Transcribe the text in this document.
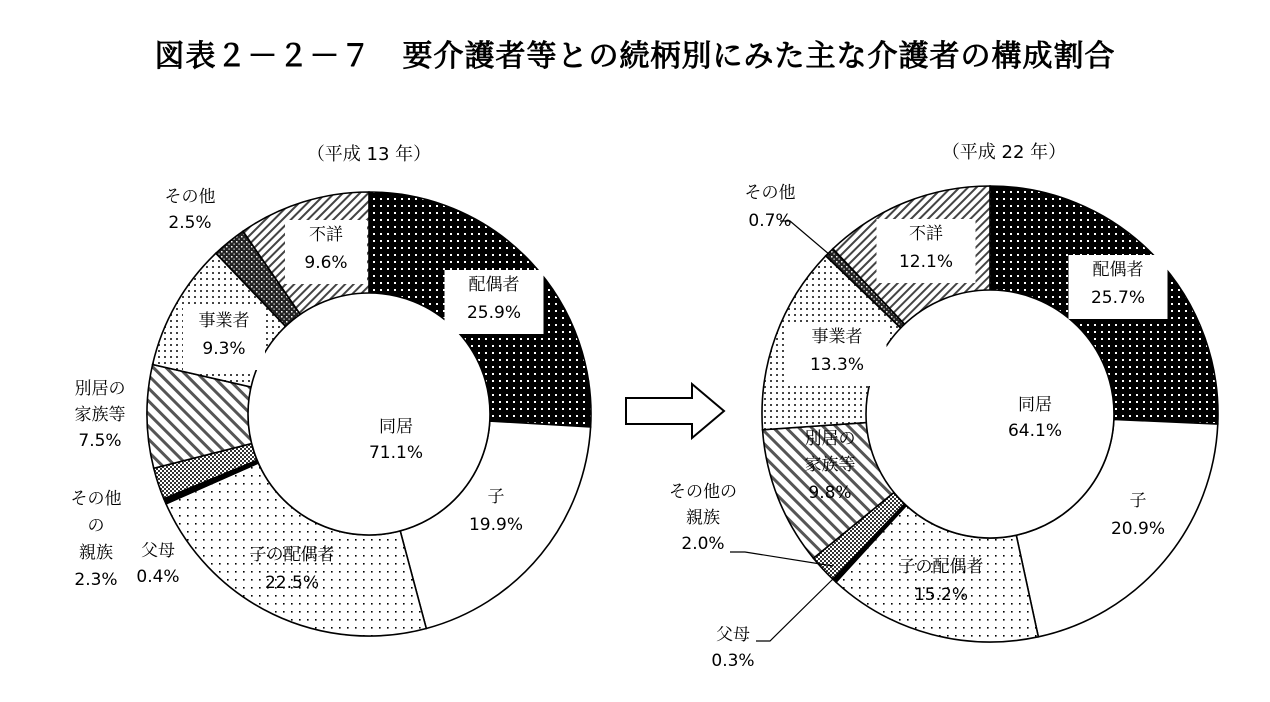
図表２－２－７　要介護者等との続柄別にみた主な介護者の構成割合
（平成 13 年）
同居
71.1%
配偶者
25.9%
子
19.9%
子の配偶者
22.5%
父母
0.4%
その他
の
親族
2.3%
別居の
家族等
7.5%
事業者
9.3%
その他
2.5%
不詳
9.6%
（平成 22 年）
同居
64.1%
配偶者
25.7%
子
20.9%
子の配偶者
15.2%
父母
0.3%
その他の
親族
2.0%
別居の
家族等
9.8%
事業者
13.3%
その他
0.7%
不詳
12.1%
